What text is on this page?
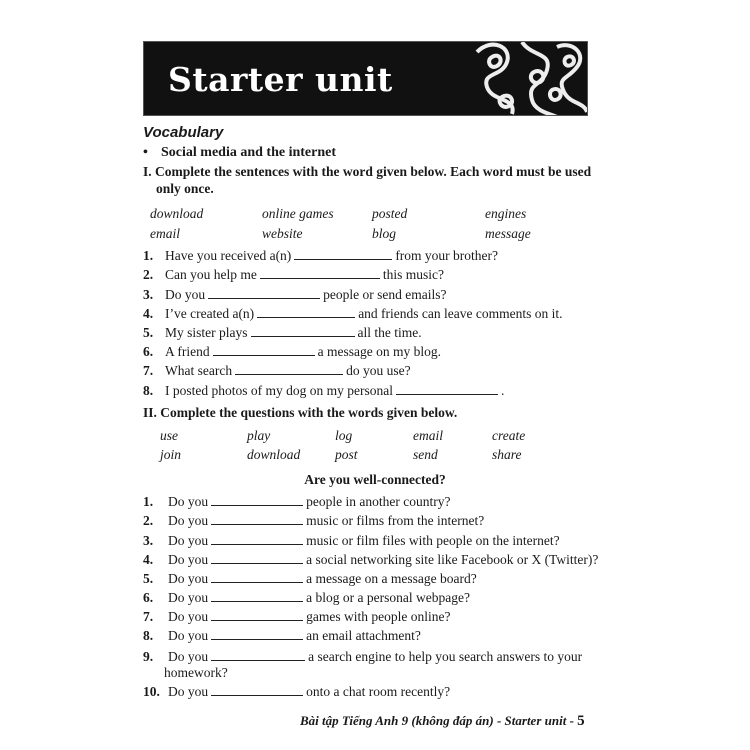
Starter unit
Vocabulary
• Social media and the internet
I. Complete the sentences with the word given below. Each word must be used
only once.
download	online games	posted	engines
email	website	blog	message
1. Have you received a(n)	from your brother?
2. Can you help me	this music?
3. Do you	people or send emails?
4. I’ve created a(n)	and friends can leave comments on it.
5. My sister plays	all the time.
6. A friend	a message on my blog.
7. What search	do you use?
8. I posted photos of my dog on my personal	.
II. Complete the questions with the words given below.
use	play	log	email	create
join	download	post	send	share
Are you well-connected?
1. Do you	people in another country?
2. Do you	music or films from the internet?
3. Do you	music or film files with people on the internet?
4. Do you	a social networking site like Facebook or X (Twitter)?
5. Do you	a message on a message board?
6. Do you	a blog or a personal webpage?
7. Do you	games with people online?
8. Do you	an email attachment?
9. Do you	a search engine to help you search answers to your
homework?
10. Do you	onto a chat room recently?
Bài tập Tiếng Anh 9 (không đáp án) - Starter unit - 5
